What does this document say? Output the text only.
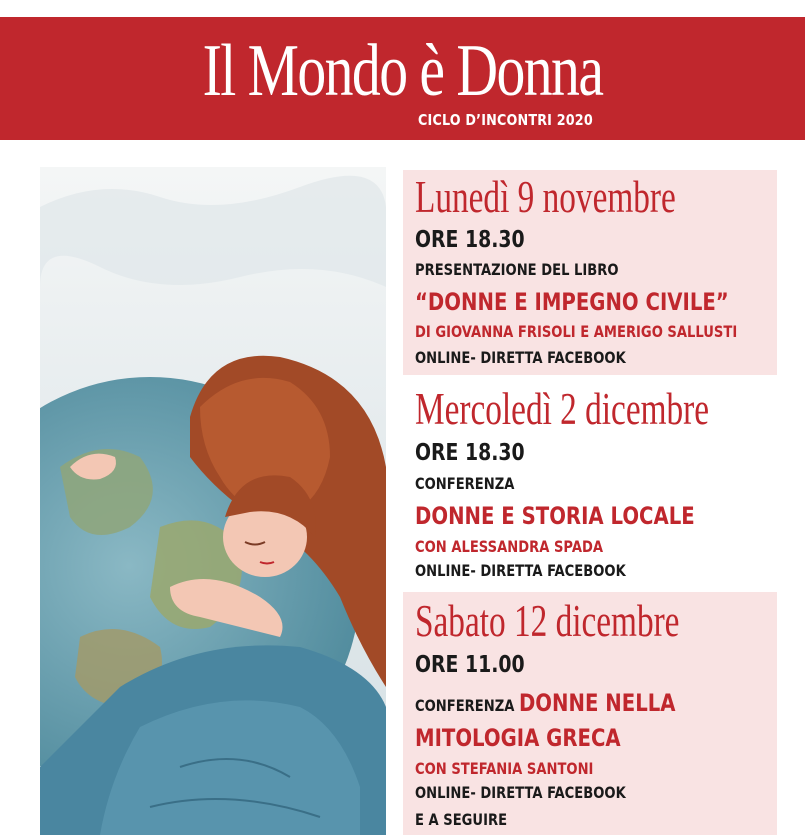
Il Mondo è Donna
CICLO D’INCONTRI 2020
Lunedì 9 novembre
ORE 18.30
PRESENTAZIONE DEL LIBRO
“DONNE E IMPEGNO CIVILE”
DI GIOVANNA FRISOLI E AMERIGO SALLUSTI
ONLINE- DIRETTA FACEBOOK
Mercoledì 2 dicembre
ORE 18.30
CONFERENZA
DONNE E STORIA LOCALE
CON ALESSANDRA SPADA
ONLINE- DIRETTA FACEBOOK
Sabato 12 dicembre
ORE 11.00
CONFERENZA DONNE NELLA
MITOLOGIA GRECA
CON STEFANIA SANTONI
ONLINE- DIRETTA FACEBOOK
E A SEGUIRE
